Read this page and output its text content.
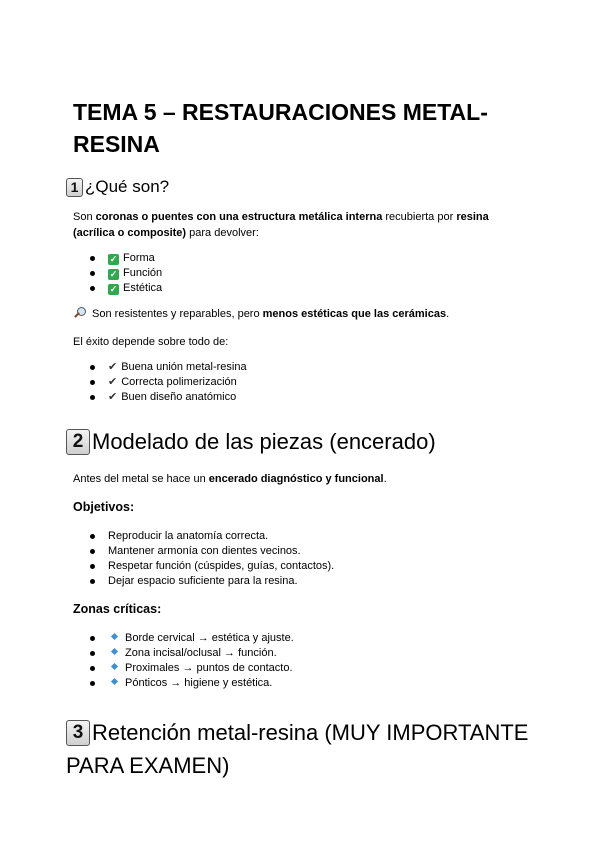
TEMA 5 – RESTAURACIONES METAL-RESINA
1 ¿Qué son?

Son coronas o puentes con una estructura metálica interna recubierta por resina (acrílica o composite) para devolver:

✓ Forma
✓ Función
✓ Estética

Son resistentes y reparables, pero menos estéticas que las cerámicas.

El éxito depende sobre todo de:

✔ Buena unión metal-resina
✔ Correcta polimerización
✔ Buen diseño anatómico
2 Modelado de las piezas (encerado)

Antes del metal se hace un encerado diagnóstico y funcional.

Objetivos:
Reproducir la anatomía correcta.
Mantener armonía con dientes vecinos.
Respetar función (cúspides, guías, contactos).
Dejar espacio suficiente para la resina.
Zonas críticas:
Borde cervical → estética y ajuste.
Zona incisal/oclusal → función.
Proximales → puntos de contacto.
Pónticos → higiene y estética.
3 Retención metal-resina (MUY IMPORTANTE PARA EXAMEN)
